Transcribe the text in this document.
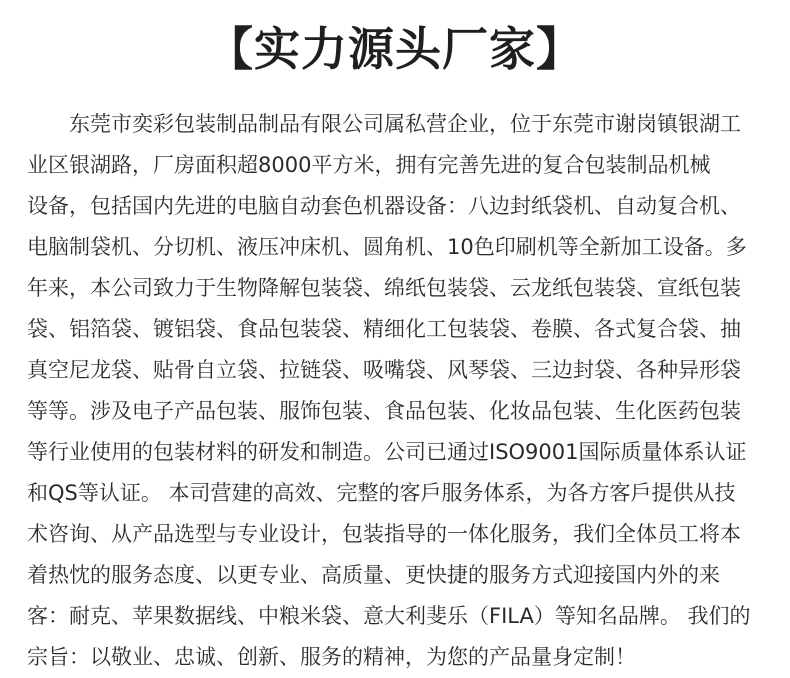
【实力源头厂家】
东莞市奕彩包装制品制品有限公司属私营企业，位于东莞市谢岗镇银湖工
业区银湖路，厂房面积超8000平方米，拥有完善先进的复合包装制品机械
设备，包括国内先进的电脑自动套色机器设备：八边封纸袋机、自动复合机、
电脑制袋机、分切机、液压冲床机、圆角机、10色印刷机等全新加工设备。多
年来，本公司致力于生物降解包装袋、绵纸包装袋、云龙纸包装袋、宣纸包装
袋、铝箔袋、镀铝袋、食品包装袋、精细化工包装袋、卷膜、各式复合袋、抽
真空尼龙袋、贴骨自立袋、拉链袋、吸嘴袋、风琴袋、三边封袋、各种异形袋
等等。涉及电子产品包装、服饰包装、食品包装、化妆品包装、生化医药包装
等行业使用的包装材料的研发和制造。公司已通过ISO9001国际质量体系认证
和QS等认证。 本司营建的高效、完整的客戶服务体系，为各方客戶提供从技
术咨询、从产品选型与专业设计，包装指导的一体化服务，我们全体员工将本
着热忱的服务态度、以更专业、高质量、更快捷的服务方式迎接国内外的来
客：耐克、苹果数据线、中粮米袋、意大利斐乐（FILA）等知名品牌。 我们的
宗旨：以敬业、忠诚、创新、服务的精神，为您的产品量身定制！
